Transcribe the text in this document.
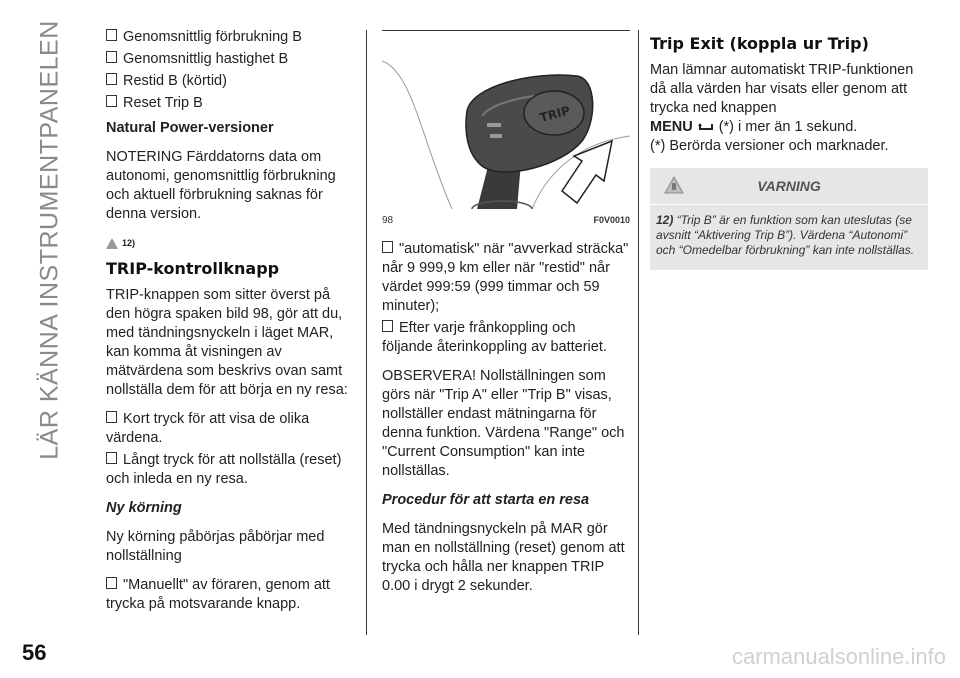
LÄR KÄNNA INSTRUMENTPANELEN
56
Genomsnittlig förbrukning B
Genomsnittlig hastighet B
Restid B (körtid)
Reset Trip B
Natural Power-versioner

NOTERING Färddatorns data om autonomi, genomsnittlig förbrukning och aktuell förbrukning saknas för denna version.

12)
TRIP-kontrollknapp

TRIP-knappen som sitter överst på den högra spaken bild 98, gör att du, med tändningsnyckeln i läget MAR, kan komma åt visningen av mätvärdena som beskrivs ovan samt nollställa dem för att börja en ny resa:

Kort tryck för att visa de olika värdena.
Långt tryck för att nollställa (reset) och inleda en ny resa.
Ny körning

Ny körning påbörjas påbörjar med nollställning

"Manuellt" av föraren, genom att trycka på motsvarande knapp.
TRIP
98	F0V0010
"automatisk" när "avverkad sträcka" når 9 999,9 km eller när "restid" når värdet 999:59 (999 timmar och 59 minuter);
Efter varje frånkoppling och följande återinkoppling av batteriet.

OBSERVERA! Nollställningen som görs när "Trip A" eller "Trip B" visas, nollställer endast mätningarna för denna funktion. Värdena "Range" och "Current Consumption" kan inte nollställas.

Procedur för att starta en resa

Med tändningsnyckeln på MAR gör man en nollställning (reset) genom att trycka och hålla ner knappen TRIP 0.00 i drygt 2 sekunder.

Trip Exit (koppla ur Trip)

Man lämnar automatiskt TRIP-funktionen då alla värden har visats eller genom att trycka ned knappen

MENU (*) i mer än 1 sekund.

(*) Berörda versioner och marknader.

VARNING
12) “Trip B” är en funktion som kan uteslutas (se avsnitt “Aktivering Trip B”). Värdena “Autonomi” och “Omedelbar förbrukning” kan inte nollställas.
carmanualsonline.info
